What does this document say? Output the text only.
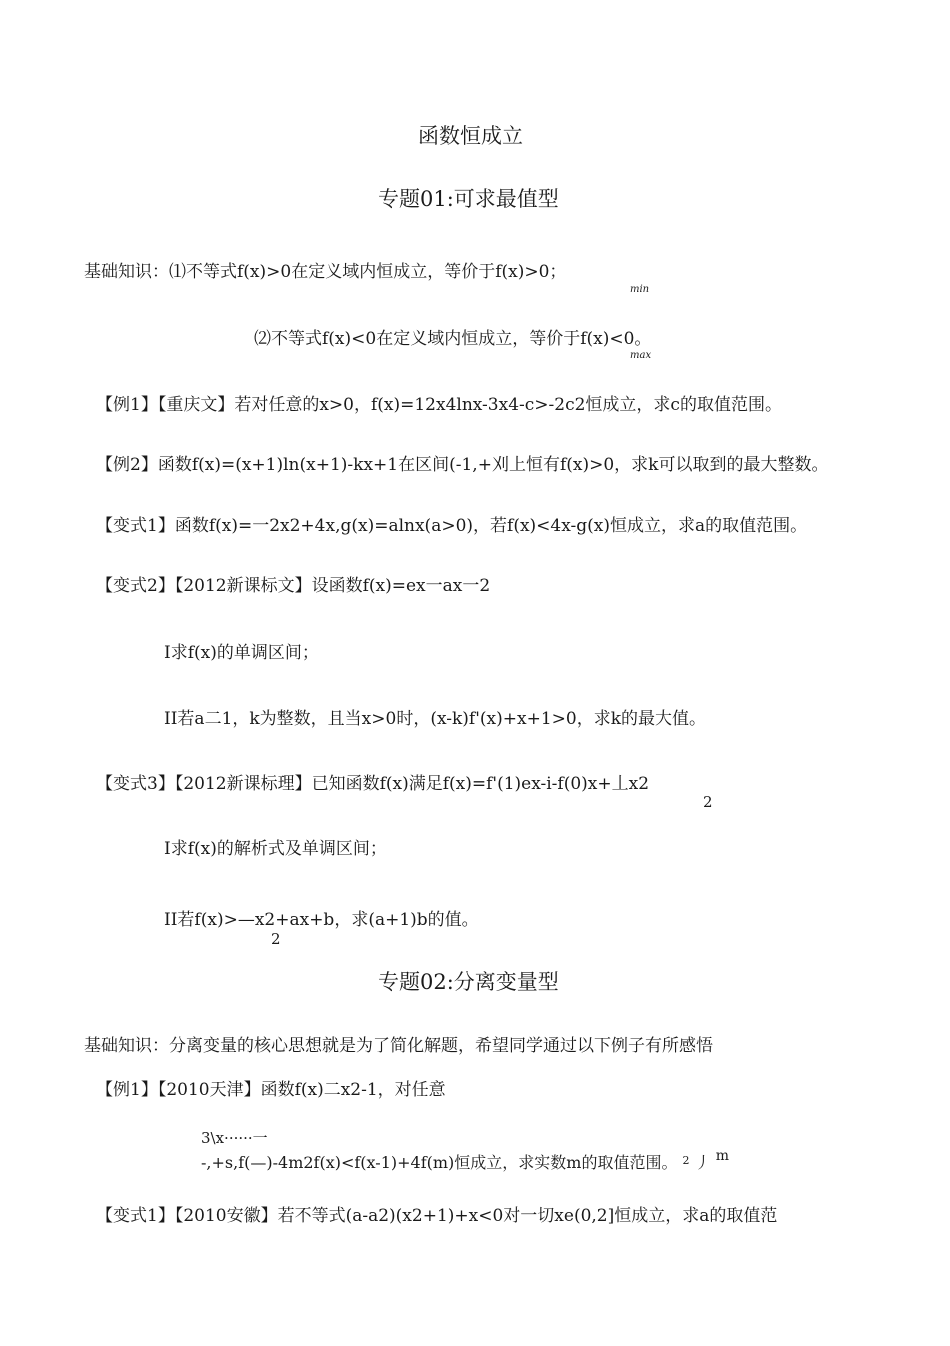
函数恒成立
专题01:可求最值型
基础知识：⑴不等式f(x)>0在定义域内恒成立，等价于f(x)>0；
min
⑵不等式f(x)<0在定义域内恒成立，等价于f(x)<0。
max
【例1】【重庆文】若对任意的x>0，f(x)=12x4lnx-3x4-c>-2c2恒成立，求c的取值范围。
【例2】函数f(x)=(x+1)ln(x+1)-kx+1在区间(-1,+刈上恒有f(x)>0，求k可以取到的最大整数。
【变式1】函数f(x)=一2x2+4x,g(x)=alnx(a>0)，若f(x)<4x-g(x)恒成立，求a的取值范围。
【变式2】【2012新课标文】设函数f(x)=ex一ax一2
I求f(x)的单调区间；
II若a二1，k为整数，且当x>0时，(x-k)f'(x)+x+1>0，求k的最大值。
【变式3】【2012新课标理】已知函数f(x)满足f(x)=f'(1)ex-i-f(0)x+丄x2
2
I求f(x)的解析式及单调区间；
II若f(x)>—x2+ax+b，求(a+1)b的值。
2
专题02:分离变量型
基础知识：分离变量的核心思想就是为了简化解题，希望同学通过以下例子有所感悟
【例1】【2010天津】函数f(x)二x2-1，对任意
3\x······一
-,+s,f(—)-4m2f(x)<f(x-1)+4f(m)恒成立，求实数m的取值范围。 $^2$ 丿 m
【变式1】【2010安徽】若不等式(a-a2)(x2+1)+x<0对一切xe(0,2]恒成立，求a的取值范
